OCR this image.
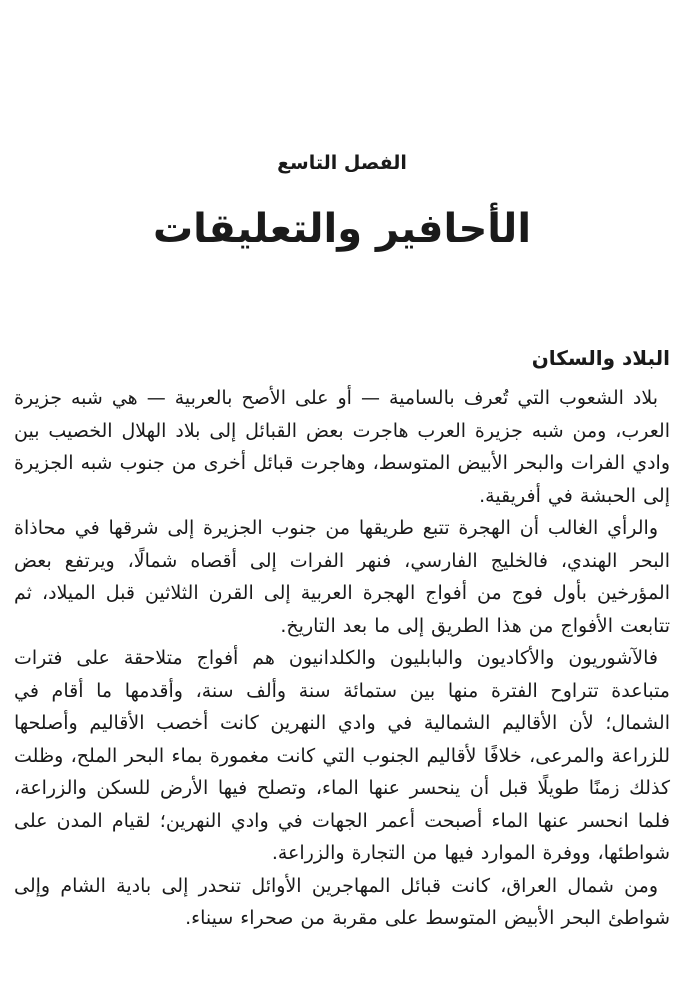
الفصل التاسع
الأحافير والتعليقات
البلاد والسكان

بلاد الشعوب التي تُعرف بالسامية — أو على الأصح بالعربية — هي شبه جزيرة العرب، ومن شبه جزيرة العرب هاجرت بعض القبائل إلى بلاد الهلال الخصيب بين وادي الفرات والبحر الأبيض المتوسط، وهاجرت قبائل أخرى من جنوب شبه الجزيرة إلى الحبشة في أفريقية.

والرأي الغالب أن الهجرة تتبع طريقها من جنوب الجزيرة إلى شرقها في محاذاة البحر الهندي، فالخليج الفارسي، فنهر الفرات إلى أقصاه شمالًا، ويرتفع بعض المؤرخين بأول فوج من أفواج الهجرة العربية إلى القرن الثلاثين قبل الميلاد، ثم تتابعت الأفواج من هذا الطريق إلى ما بعد التاريخ.

فالآشوريون والأكاديون والبابليون والكلدانيون هم أفواج متلاحقة على فترات متباعدة تتراوح الفترة منها بين ستمائة سنة وألف سنة، وأقدمها ما أقام في الشمال؛ لأن الأقاليم الشمالية في وادي النهرين كانت أخصب الأقاليم وأصلحها للزراعة والمرعى، خلافًا لأقاليم الجنوب التي كانت مغمورة بماء البحر الملح، وظلت كذلك زمنًا طويلًا قبل أن ينحسر عنها الماء، وتصلح فيها الأرض للسكن والزراعة، فلما انحسر عنها الماء أصبحت أعمر الجهات في وادي النهرين؛ لقيام المدن على شواطئها، ووفرة الموارد فيها من التجارة والزراعة.

ومن شمال العراق، كانت قبائل المهاجرين الأوائل تنحدر إلى بادية الشام وإلى شواطئ البحر الأبيض المتوسط على مقربة من صحراء سيناء.
